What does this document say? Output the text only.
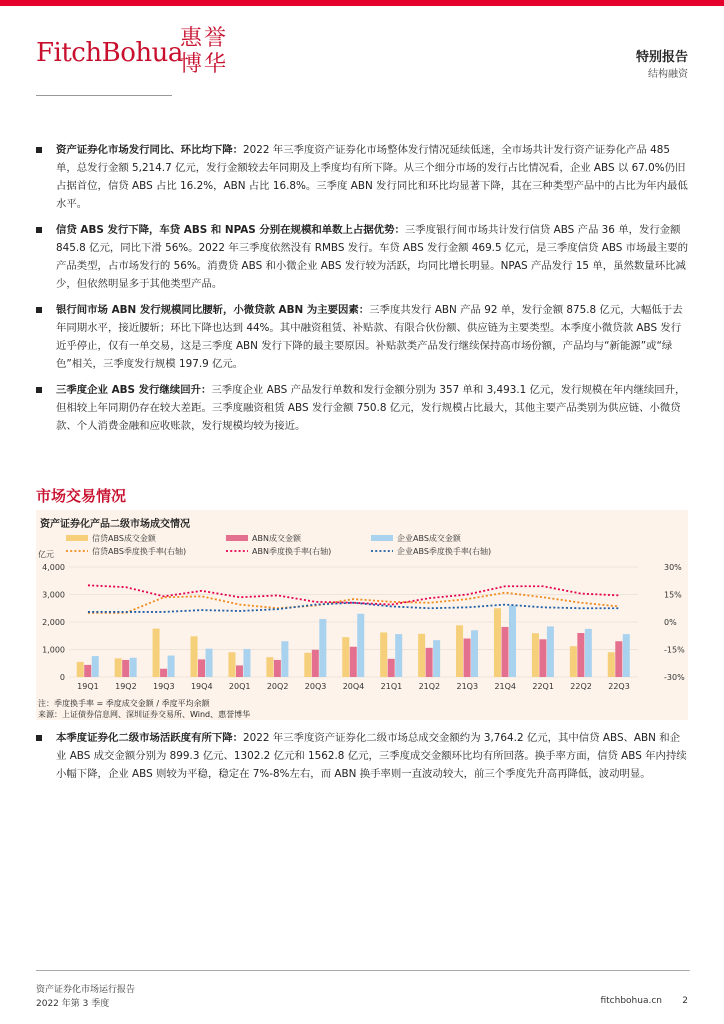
FitchBohua
惠誉
博华	特别报告
结构融资
资产证券化市场发行同比、环比均下降：2022 年三季度资产证券化市场整体发行情况延续低迷，全市场共计发行资产证券化产品 485 单，总发行金额 5,214.7 亿元，发行金额较去年同期及上季度均有所下降。从三个细分市场的发行占比情况看，企业 ABS 以 67.0%仍旧占据首位，信贷 ABS 占比 16.2%，ABN 占比 16.8%。三季度 ABN 发行同比和环比均显著下降，其在三种类型产品中的占比为年内最低水平。
信贷 ABS 发行下降，车贷 ABS 和 NPAS 分别在规模和单数上占据优势：三季度银行间市场共计发行信贷 ABS 产品 36 单，发行金额 845.8 亿元，同比下滑 56%。2022 年三季度依然没有 RMBS 发行。车贷 ABS 发行金额 469.5 亿元，是三季度信贷 ABS 市场最主要的产品类型，占市场发行的 56%。消费贷 ABS 和小微企业 ABS 发行较为活跃，均同比增长明显。NPAS 产品发行 15 单，虽然数量环比减少，但依然明显多于其他类型产品。
银行间市场 ABN 发行规模同比腰斩，小微贷款 ABN 为主要因素：三季度共发行 ABN 产品 92 单，发行金额 875.8 亿元，大幅低于去年同期水平，接近腰斩；环比下降也达到 44%。其中融资租赁、补贴款、有限合伙份额、供应链为主要类型。本季度小微贷款 ABS 发行近乎停止，仅有一单交易，这是三季度 ABN 发行下降的最主要原因。补贴款类产品发行继续保持高市场份额，产品均与“新能源”或“绿色”相关，三季度发行规模 197.9 亿元。
三季度企业 ABS 发行继续回升：三季度企业 ABS 产品发行单数和发行金额分别为 357 单和 3,493.1 亿元，发行规模在年内继续回升，但相较上年同期仍存在较大差距。三季度融资租赁 ABS 发行金额 750.8 亿元，发行规模占比最大，其他主要产品类别为供应链、小微贷款、个人消费金融和应收账款，发行规模均较为接近。
市场交易情况
资产证券化产品二级市场成交情况
4,000
3,000
2,000
1,000
0
30%
15%
0%
-15%
-30%
亿元
19Q1 19Q2 19Q3 19Q4 20Q1 20Q2 20Q3 20Q4 21Q1 21Q2 21Q3 21Q4 22Q1 22Q2 22Q3
信贷ABS成交金额	ABN成交金额	企业ABS成交金额
信贷ABS季度换手率(右轴)	ABN季度换手率(右轴)	企业ABS季度换手率(右轴)
注：季度换手率 = 季度成交金额 / 季度平均余额
来源：上证债券信息网、深圳证券交易所、Wind、惠誉博华
本季度证券化二级市场活跃度有所下降：2022 年三季度资产证券化二级市场总成交金额约为 3,764.2 亿元，其中信贷 ABS、ABN 和企业 ABS 成交金额分别为 899.3 亿元、1302.2 亿元和 1562.8 亿元，三季度成交金额环比均有所回落。换手率方面，信贷 ABS 年内持续小幅下降，企业 ABS 则较为平稳，稳定在 7%-8%左右，而 ABN 换手率则一直波动较大，前三个季度先升高再降低，波动明显。
资产证券化市场运行报告
2022 年第 3 季度	fitchbohua.cn 2
